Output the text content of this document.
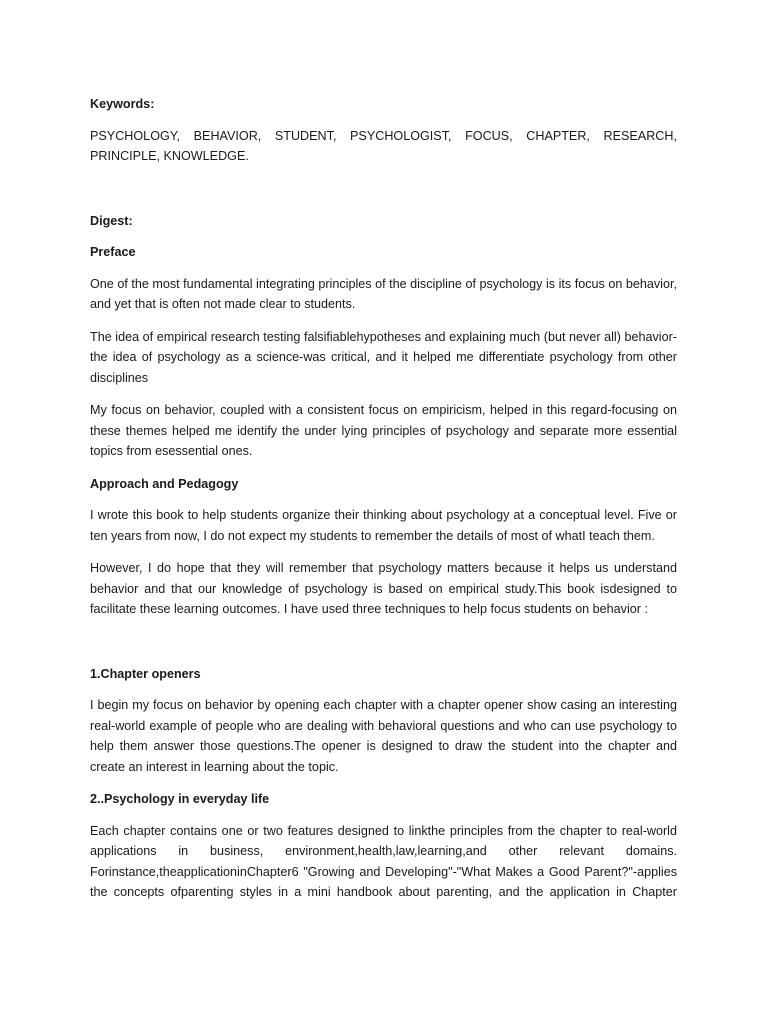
Keywords:

PSYCHOLOGY, BEHAVIOR, STUDENT, PSYCHOLOGIST, FOCUS, CHAPTER, RESEARCH, PRINCIPLE, KNOWLEDGE.

Digest:

Preface

One of the most fundamental integrating principles of the discipline of psychology is its focus on behavior, and yet that is often not made clear to students.

The idea of empirical research testing falsifiablehypotheses and explaining much (but never all) behavior-the idea of psychology as a science-was critical, and it helped me differentiate psychology from other disciplines

My focus on behavior, coupled with a consistent focus on empiricism, helped in this regard-focusing on these themes helped me identify the under lying principles of psychology and separate more essential topics from esessential ones.

Approach and Pedagogy

I wrote this book to help students organize their thinking about psychology at a conceptual level. Five or ten years from now, I do not expect my students to remember the details of most of whatI teach them.

However, I do hope that they will remember that psychology matters because it helps us understand behavior and that our knowledge of psychology is based on empirical study.This book isdesigned to facilitate these learning outcomes. I have used three techniques to help focus students on behavior :

1.Chapter openers

I begin my focus on behavior by opening each chapter with a chapter opener show casing an interesting real-world example of people who are dealing with behavioral questions and who can use psychology to help them answer those questions.The opener is designed to draw the student into the chapter and create an interest in learning about the topic.

2..Psychology in everyday life

Each chapter contains one or two features designed to linkthe principles from the chapter to real-world applications in business, environment,health,law,learning,and other relevant domains. Forinstance,theapplicationinChapter6 "Growing and Developing"-"What Makes a Good Parent?"-applies the concepts ofparenting styles in a mini handbook about parenting, and the application in Chapter
